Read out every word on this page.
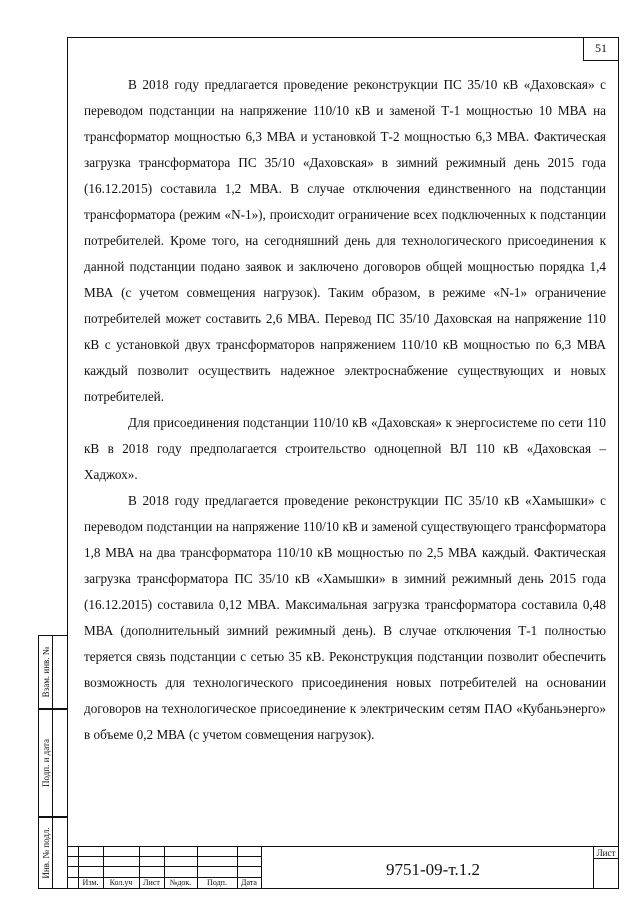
51

В 2018 году предлагается проведение реконструкции ПС 35/10 кВ «Даховская» с переводом подстанции на напряжение 110/10 кВ и заменой Т-1 мощностью 10 МВА на трансформатор мощностью 6,3 МВА и установкой Т-2 мощностью 6,3 МВА. Фактическая загрузка трансформатора ПС 35/10 «Даховская» в зимний режимный день 2015 года (16.12.2015) составила 1,2 МВА. В случае отключения единственного на подстанции трансформатора (режим «N-1»), происходит ограничение всех подключенных к подстанции потребителей. Кроме того, на сегодняшний день для технологического присоединения к данной подстанции подано заявок и заключено договоров общей мощностью порядка 1,4 МВА (с учетом совмещения нагрузок). Таким образом, в режиме «N-1» ограничение потребителей может составить 2,6 МВА. Перевод ПС 35/10 Даховская на напряжение 110 кВ с установкой двух трансформаторов напряжением 110/10 кВ мощностью по 6,3 МВА каждый позволит осуществить надежное электроснабжение существующих и новых потребителей.

Для присоединения подстанции 110/10 кВ «Даховская» к энергосистеме по сети 110 кВ в 2018 году предполагается строительство одноцепной ВЛ 110 кВ «Даховская – Хаджох».

В 2018 году предлагается проведение реконструкции ПС 35/10 кВ «Хамышки» с переводом подстанции на напряжение 110/10 кВ и заменой существующего трансформатора 1,8 МВА на два трансформатора 110/10 кВ мощностью по 2,5 МВА каждый. Фактическая загрузка трансформатора ПС 35/10 кВ «Хамышки» в зимний режимный день 2015 года (16.12.2015) составила 0,12 МВА. Максимальная загрузка трансформатора составила 0,48 МВА (дополнительный зимний режимный день). В случае отключения Т-1 полностью теряется связь подстанции с сетью 35 кВ. Реконструкция подстанции позволит обеспечить возможность для технологического присоединения новых потребителей на основании договоров на технологическое присоединение к электрическим сетям ПАО «Кубаньэнерго» в объеме 0,2 МВА (с учетом совмещения нагрузок).

Взам. инв. №
Подп. и дата
Инв. № подл.
Изм.	Кол.уч	Лист	№док.	Подп.	Дата
9751-09-т.1.2
Лист
